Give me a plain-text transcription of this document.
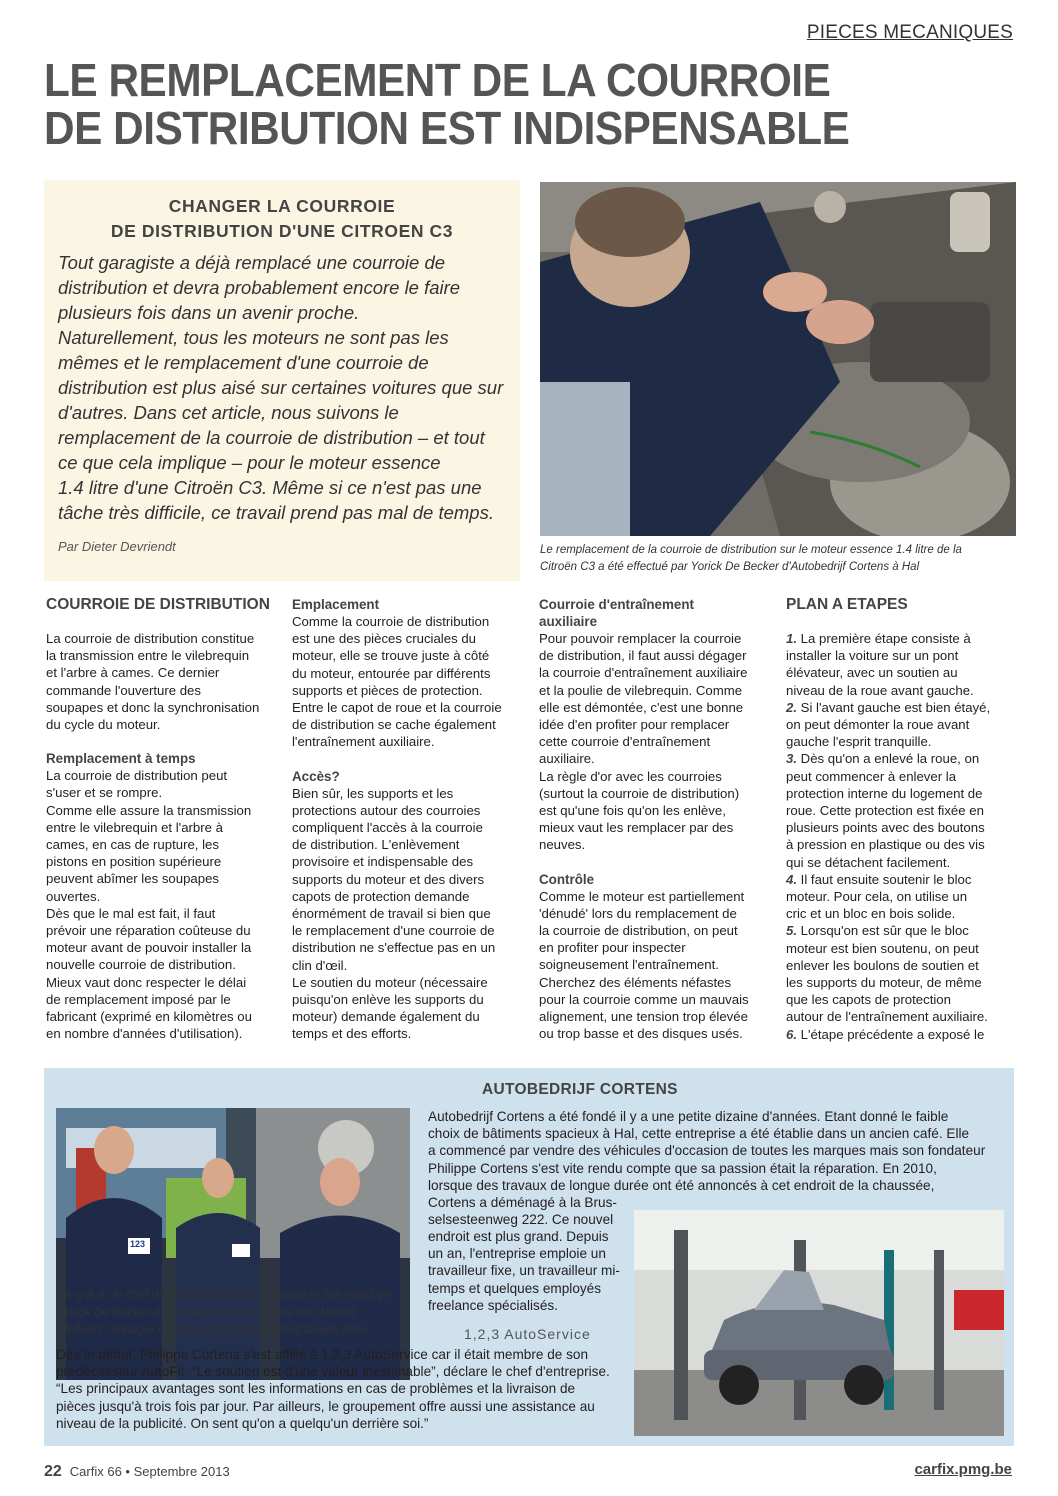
PIECES MECANIQUES
LE REMPLACEMENT DE LA COURROIE
DE DISTRIBUTION EST INDISPENSABLE
CHANGER LA COURROIE
DE DISTRIBUTION D'UNE CITROEN C3
Tout garagiste a déjà remplacé une courroie de
distribution et devra probablement encore le faire
plusieurs fois dans un avenir proche.
Naturellement, tous les moteurs ne sont pas les
mêmes et le remplacement d'une courroie de
distribution est plus aisé sur certaines voitures que sur
d'autres. Dans cet article, nous suivons le
remplacement de la courroie de distribution – et tout
ce que cela implique – pour le moteur essence
1.4 litre d'une Citroën C3. Même si ce n'est pas une
tâche très difficile, ce travail prend pas mal de temps.
Par Dieter Devriendt	Le remplacement de la courroie de distribution sur le moteur essence 1.4 litre de la
Citroën C3 a été effectué par Yorick De Becker d'Autobedrijf Cortens à Hal
COURROIE DE DISTRIBUTION

La courroie de distribution constitue

la transmission entre le vilebrequin

et l'arbre à cames. Ce dernier

commande l'ouverture des

soupapes et donc la synchronisation

du cycle du moteur.

Remplacement à temps

La courroie de distribution peut

s'user et se rompre.

Comme elle assure la transmission

entre le vilebrequin et l'arbre à

cames, en cas de rupture, les

pistons en position supérieure

peuvent abîmer les soupapes

ouvertes.

Dès que le mal est fait, il faut

prévoir une réparation coûteuse du

moteur avant de pouvoir installer la

nouvelle courroie de distribution.

Mieux vaut donc respecter le délai

de remplacement imposé par le

fabricant (exprimé en kilomètres ou

en nombre d'années d'utilisation).

Emplacement

Comme la courroie de distribution

est une des pièces cruciales du

moteur, elle se trouve juste à côté

du moteur, entourée par différents

supports et pièces de protection.

Entre le capot de roue et la courroie

de distribution se cache également

l'entraînement auxiliaire.

Accès?

Bien sûr, les supports et les

protections autour des courroies

compliquent l'accès à la courroie

de distribution. L'enlèvement

provisoire et indispensable des

supports du moteur et des divers

capots de protection demande

énormément de travail si bien que

le remplacement d'une courroie de

distribution ne s'effectue pas en un

clin d'œil.

Le soutien du moteur (nécessaire

puisqu'on enlève les supports du

moteur) demande également du

temps et des efforts.

Courroie d'entraînement
auxiliaire

Pour pouvoir remplacer la courroie

de distribution, il faut aussi dégager

la courroie d'entraînement auxiliaire

et la poulie de vilebrequin. Comme

elle est démontée, c'est une bonne

idée d'en profiter pour remplacer

cette courroie d'entraînement

auxiliaire.

La règle d'or avec les courroies

(surtout la courroie de distribution)

est qu'une fois qu'on les enlève,

mieux vaut les remplacer par des

neuves.

Contrôle

Comme le moteur est partiellement

'dénudé' lors du remplacement de

la courroie de distribution, on peut

en profiter pour inspecter

soigneusement l'entraînement.

Cherchez des éléments néfastes

pour la courroie comme un mauvais

alignement, une tension trop élevée

ou trop basse et des disques usés.

PLAN A ETAPES

1. La première étape consiste à

installer la voiture sur un pont

élévateur, avec un soutien au

niveau de la roue avant gauche.

2. Si l'avant gauche est bien étayé,

on peut démonter la roue avant

gauche l'esprit tranquille.

3. Dès qu'on a enlevé la roue, on

peut commencer à enlever la

protection interne du logement de

roue. Cette protection est fixée en

plusieurs points avec des boutons

à pression en plastique ou des vis

qui se détachent facilement.

4. Il faut ensuite soutenir le bloc

moteur. Pour cela, on utilise un

cric et un bloc en bois solide.

5. Lorsqu'on est sûr que le bloc

moteur est bien soutenu, on peut

enlever les boulons de soutien et

les supports du moteur, de même

que les capots de protection

autour de l'entraînement auxiliaire.

6. L'étape précédente a exposé le

AUTOBEDRIJF CORTENS
123
Autobedrijf Cortens a été fondé il y a une petite dizaine d'années. Etant donné le faible
choix de bâtiments spacieux à Hal, cette entreprise a été établie dans un ancien café. Elle
a commencé par vendre des véhicules d'occasion de toutes les marques mais son fondateur
Philippe Cortens s'est vite rendu compte que sa passion était la réparation. En 2010,
lorsque des travaux de longue durée ont été annoncés à cet endroit de la chaussée,
Cortens a déménagé à la Brus-
selsesteenweg 222. Ce nouvel
endroit est plus grand. Depuis
un an, l'entreprise emploie un
travailleur fixe, un travailleur mi-
temps et quelques employés
freelance spécialisés.
1,2,3 AutoService
Dès le début, Philippe Cortens s'est affilié à 1,2,3 AutoService car il était membre de son
prédécesseur AutoFit. “Le soutien est d'une valeur inestimable”, déclare le chef d'entreprise.
“Les principaux avantages sont les informations en cas de problèmes et la livraison de
pièces jusqu'à trois fois par jour. Par ailleurs, le groupement offre aussi une assistance au
niveau de la publicité. On sent qu'on a quelqu'un derrière soi.”
De g.à d.: le chef d'entreprise Philippe Cortens et son employé
Yorick De Becker d'Autobedrijf Cortens ainsi que Michel
Mullaert, manager de support de garage chez Doyen Auto
22 Carfix 66 • Septembre 2013	carfix.pmg.be
